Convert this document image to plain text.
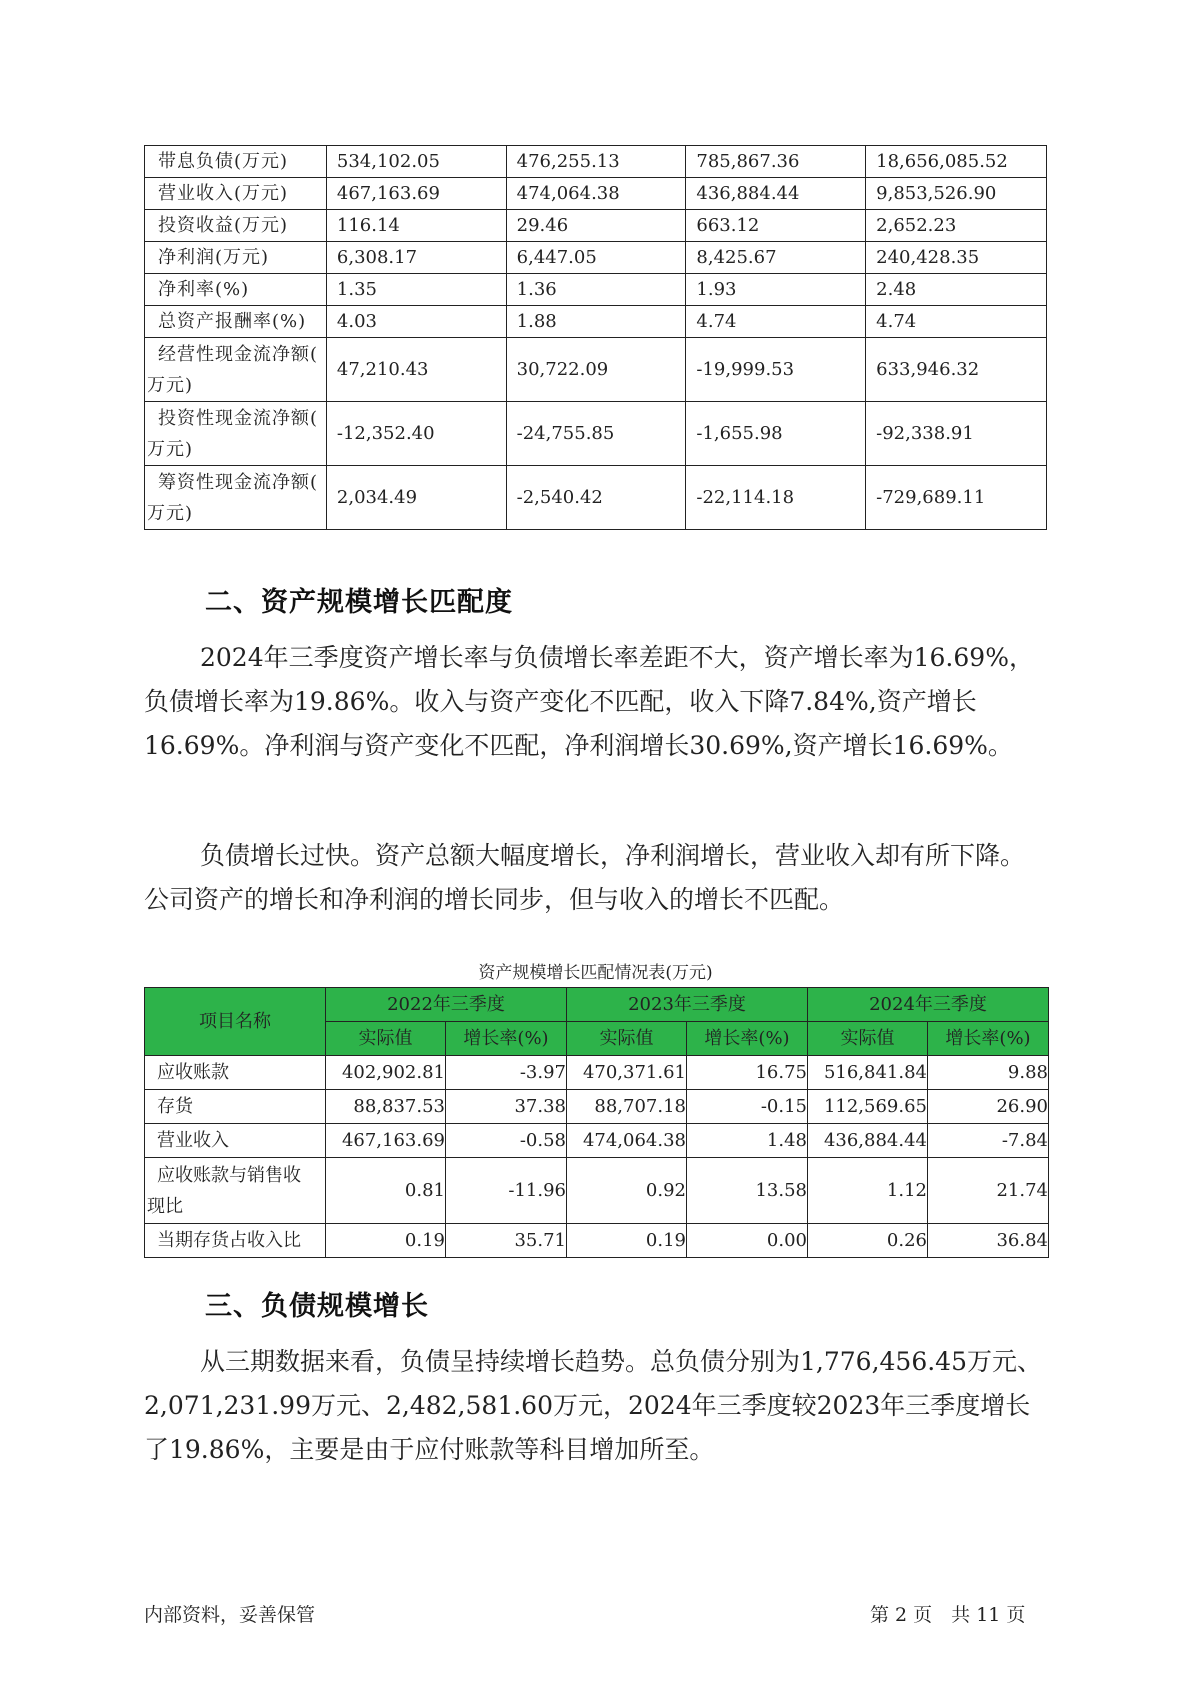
带息负债(万元)	534,102.05	476,255.13	785,867.36	18,656,085.52
营业收入(万元)	467,163.69	474,064.38	436,884.44	9,853,526.90
投资收益(万元)	116.14	29.46	663.12	2,652.23
净利润(万元)	6,308.17	6,447.05	8,425.67	240,428.35
净利率(%)	1.35	1.36	1.93	2.48
总资产报酬率(%)	4.03	1.88	4.74	4.74
经营性现金流净额(
万元)	47,210.43	30,722.09	-19,999.53	633,946.32
投资性现金流净额(
万元)	-12,352.40	-24,755.85	-1,655.98	-92,338.91
筹资性现金流净额(
万元)	2,034.49	-2,540.42	-22,114.18	-729,689.11
二、资产规模增长匹配度

2024年三季度资产增长率与负债增长率差距不大，资产增长率为16.69%，负债增长率为19.86%。收入与资产变化不匹配，收入下降7.84%,资产增长16.69%。净利润与资产变化不匹配，净利润增长30.69%,资产增长16.69%。

负债增长过快。资产总额大幅度增长，净利润增长，营业收入却有所下降。公司资产的增长和净利润的增长同步，但与收入的增长不匹配。

资产规模增长匹配情况表(万元)

项目名称	2022年三季度		2023年三季度		2024年三季度	
	实际值	增长率(%)	实际值	增长率(%)	实际值	增长率(%)
应收账款	402,902.81	-3.97	470,371.61	16.75	516,841.84	9.88
存货	88,837.53	37.38	88,707.18	-0.15	112,569.65	26.90
营业收入	467,163.69	-0.58	474,064.38	1.48	436,884.44	-7.84
应收账款与销售收
现比	0.81	-11.96	0.92	13.58	1.12	21.74
当期存货占收入比	0.19	35.71	0.19	0.00	0.26	36.84
三、负债规模增长

从三期数据来看，负债呈持续增长趋势。总负债分别为1,776,456.45万元、2,071,231.99万元、2,482,581.60万元，2024年三季度较2023年三季度增长了19.86%，主要是由于应付账款等科目增加所至。

内部资料，妥善保管	第 2 页　共 11 页
